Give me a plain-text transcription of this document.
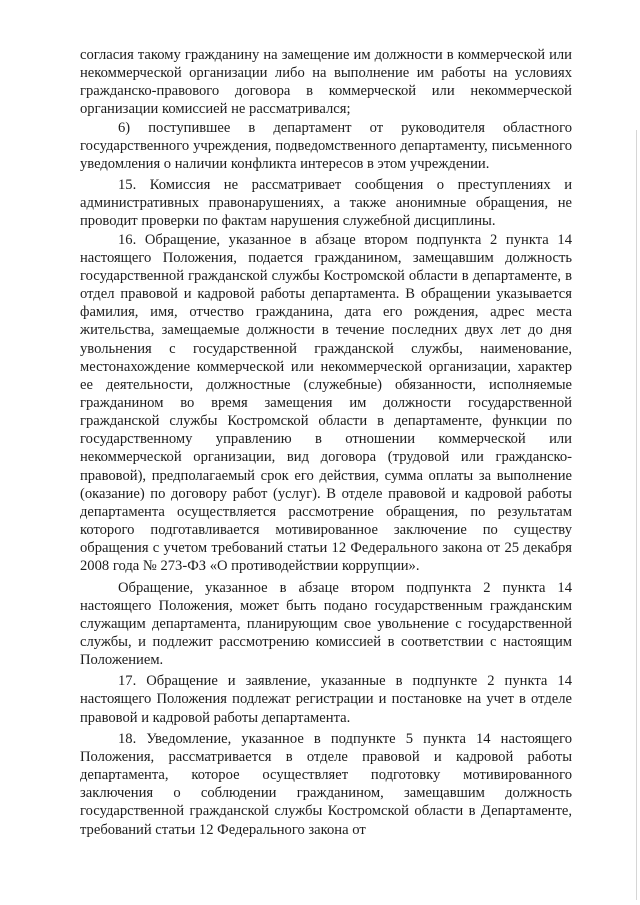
согласия такому гражданину на замещение им должности в коммерческой или некоммерческой организации либо на выполнение им работы на условиях гражданско-правового договора в коммерческой или некоммерческой организации комиссией не рассматривался;

6) поступившее в департамент от руководителя областного государственного учреждения, подведомственного департаменту, письменного уведомления о наличии конфликта интересов в этом учреждении.

15. Комиссия не рассматривает сообщения о преступлениях и административных правонарушениях, а также анонимные обращения, не проводит проверки по фактам нарушения служебной дисциплины.

16. Обращение, указанное в абзаце втором подпункта 2 пункта 14 настоящего Положения, подается гражданином, замещавшим должность государственной гражданской службы Костромской области в департаменте, в отдел правовой и кадровой работы департамента. В обращении указывается фамилия, имя, отчество гражданина, дата его рождения, адрес места жительства, замещаемые должности в течение последних двух лет до дня увольнения с государственной гражданской службы, наименование, местонахождение коммерческой или некоммерческой организации, характер ее деятельности, должностные (служебные) обязанности, исполняемые гражданином во время замещения им должности государственной гражданской службы Костромской области в департаменте, функции по государственному управлению в отношении коммерческой или некоммерческой организации, вид договора (трудовой или гражданско-правовой), предполагаемый срок его действия, сумма оплаты за выполнение (оказание) по договору работ (услуг). В отделе правовой и кадровой работы департамента осуществляется рассмотрение обращения, по результатам которого подготавливается мотивированное заключение по существу обращения с учетом требований статьи 12 Федерального закона от 25 декабря 2008 года № 273-ФЗ «О противодействии коррупции».

Обращение, указанное в абзаце втором подпункта 2 пункта 14 настоящего Положения, может быть подано государственным гражданским служащим департамента, планирующим свое увольнение с государственной службы, и подлежит рассмотрению комиссией в соответствии с настоящим Положением.

17. Обращение и заявление, указанные в подпункте 2 пункта 14 настоящего Положения подлежат регистрации и постановке на учет в отделе правовой и кадровой работы департамента.

18. Уведомление, указанное в подпункте 5 пункта 14 настоящего Положения, рассматривается в отделе правовой и кадровой работы департамента, которое осуществляет подготовку мотивированного заключения о соблюдении гражданином, замещавшим должность государственной гражданской службы Костромской области в Департаменте, требований статьи 12 Федерального закона от
